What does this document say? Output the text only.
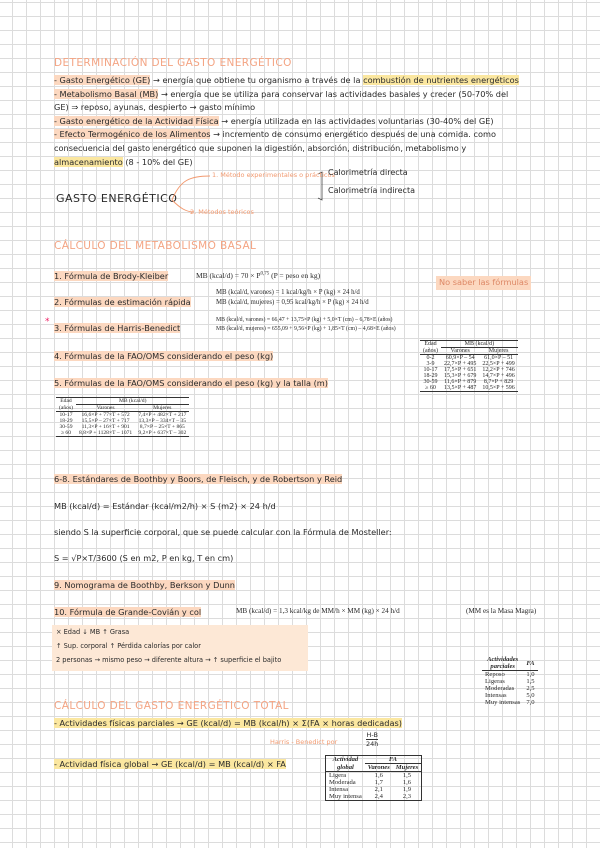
DETERMINACIÓN DEL GASTO ENERGÉTICO
- Gasto Energético (GE) → energía que obtiene tu organismo a través de la combustión de nutrientes energéticos
- Metabolismo Basal (MB) → energía que se utiliza para conservar las actividades basales y crecer (50-70% del
GE) ⇒ reposo, ayunas, despierto → gasto mínimo
- Gasto energético de la Actividad Física → energía utilizada en las actividades voluntarias (30-40% del GE)
- Efecto Termogénico de los Alimentos → incremento de consumo energético después de una comida. como
consecuencia del gasto energético que suponen la digestión, absorción, distribución, metabolismo y
almacenamiento (8 - 10% del GE)
GASTO ENERGÉTICO
1. Método experimentales o prácticos
2. Métodos teóricos
Calorimetría directa
Calorimetría indirecta
CÁLCULO DEL METABOLISMO BASAL
1. Fórmula de Brody-Kleiber	MB (kcal/d) = 70 × P$^{0,75}$ (P = peso en kg)
No saber las fórmulas
2. Fórmulas de estimación rápida
MB (kcal/d, varones) = 1 kcal/kg/h × P (kg) × 24 h/d
MB (kcal/d, mujeres) = 0,95 kcal/kg/h × P (kg) × 24 h/d
*
3. Fórmulas de Harris-Benedict
MB (kcal/d, varones) = 66,47 + 13,75×P (kg) + 5,0×T (cm) – 6,78×E (años)
MB (kcal/d, mujeres) = 655,09 + 9,56×P (kg) + 1,85×T (cm) – 4,68×E (años)
4. Fórmulas de la FAO/OMS considerando el peso (kg)
5. Fórmulas de la FAO/OMS considerando el peso (kg) y la talla (m)
Edad	MB (kcal/d)	
(años)	Varones	Mujeres
0-2	60,9×P – 54	61,0×P – 51
3-9	22,7×P + 495	22,5×P + 499
10-17	17,5×P + 651	12,2×P + 746
18-29	15,3×P + 679	14,7×P + 496
30-59	11,6×P + 879	8,7×P + 829
≥ 60	13,5×P + 487	10,5×P + 596
Edad	MB (kcal/d)	
(años)	Varones	Mujeres
10-17	16,6×P + 77×T + 572	7,4×P + 482×T + 217
18-29	15,5×P – 27×T + 717	13,3×P – 334×T – 35
30-59	11,3×P + 16×T + 901	8,7×P – 25×T + 865
≥ 60	8,8×P + 1128×T – 1071	9,2×P + 637×T – 302
6-8. Estándares de Boothby y Boors, de Fleisch, y de Robertson y Reid
MB (kcal/d) = Estándar (kcal/m2/h) × S (m2) × 24 h/d
siendo S la superficie corporal, que se puede calcular con la Fórmula de Mosteller:
S = √P×T/3600 (S en m2, P en kg, T en cm)
9. Nomograma de Boothby, Berkson y Dunn
10. Fórmula de Grande-Covián y col	MB (kcal/d) = 1,3 kcal/kg de MM/h × MM (kg) × 24 h/d	(MM es la Masa Magra)
× Edad ↓ MB ↑ Grasa
↑ Sup. corporal ↑ Pérdida calorías por calor
2 personas → mismo peso → diferente altura → ↑ superficie el bajito	Actividades	FA
parciales	
Reposo	1,0
Ligeras	1,5
Moderadas	2,5
Intensas	5,0
Muy intensas	7,0
CÁLCULO DEL GASTO ENERGÉTICO TOTAL
- Actividades físicas parciales → GE (kcal/d) = MB (kcal/h) × Σ(FA × horas dedicadas)
Harris - Benedict por
H-B
24h
- Actividad física global → GE (kcal/d) = MB (kcal/d) × FA	Actividad	FA	
global	Varones	Mujeres
Ligera	1,6	1,5
Moderada	1,7	1,6
Intensa	2,1	1,9
Muy intensa	2,4	2,3
